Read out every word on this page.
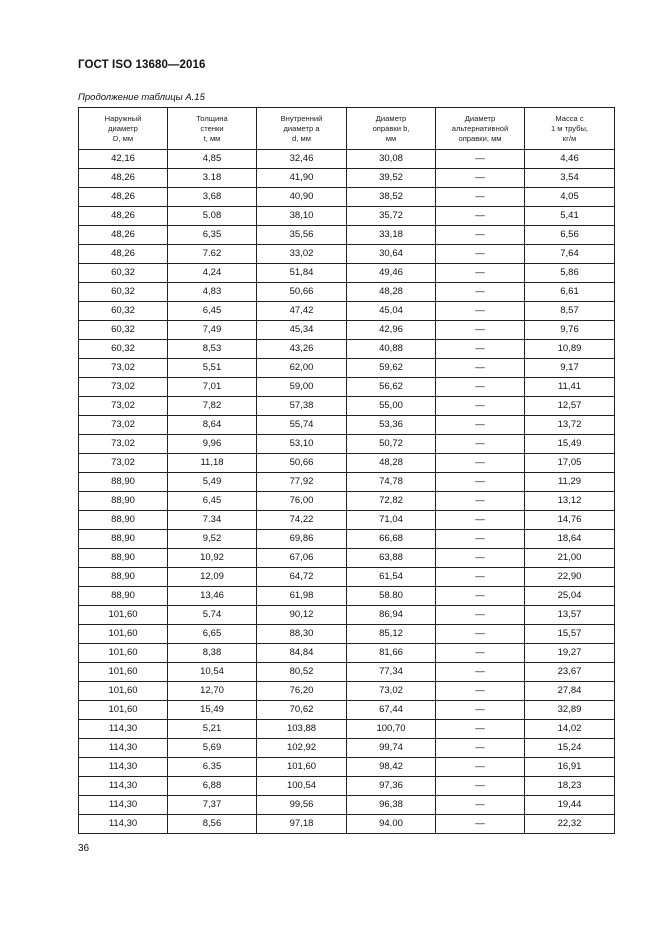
ГОСТ ISO 13680—2016
Продолжение таблицы A.15
Наружный
диаметр
D, мм	Толщина
стенки
t, мм	Внутренний
диаметр a
d, мм	Диаметр
оправки b,
мм	Диаметр
альтернативной
оправки, мм	Масса c
1 м трубы,
кг/м
42,16	4,85	32,46	30,08	—	4,46
48,26	3.18	41,90	39,52	—	3,54
48,26	3,68	40,90	38,52	—	4,05
48,26	5.08	38,10	35,72	—	5,41
48,26	6,35	35,56	33,18	—	6,56
48,26	7.62	33,02	30,64	—	7,64
60,32	4,24	51,84	49,46	—	5,86
60,32	4,83	50,66	48,28	—	6,61
60,32	6,45	47,42	45,04	—	8,57
60,32	7,49	45,34	42,96	—	9,76
60,32	8,53	43,26	40,88	—	10,89
73,02	5,51	62,00	59,62	—	9,17
73,02	7,01	59,00	56,62	—	11,41
73,02	7,82	57,38	55,00	—	12,57
73,02	8,64	55,74	53,36	—	13,72
73,02	9,96	53,10	50,72	—	15,49
73,02	11,18	50,66	48,28	—	17,05
88,90	5,49	77,92	74,78	—	11,29
88,90	6,45	76,00	72,82	—	13,12
88,90	7.34	74,22	71,04	—	14,76
88,90	9,52	69,86	66,68	—	18,64
88,90	10,92	67,06	63,88	—	21,00
88,90	12,09	64,72	61,54	—	22,90
88,90	13,46	61,98	58.80	—	25,04
101,60	5.74	90,12	86,94	—	13,57
101,60	6,65	88,30	85,12	—	15,57
101,60	8,38	84,84	81,66	—	19,27
101,60	10,54	80,52	77,34	—	23,67
101,60	12,70	76,20	73,02	—	27,84
101,60	15,49	70,62	67,44	—	32,89
114,30	5,21	103,88	100,70	—	14,02
114,30	5,69	102,92	99,74	—	15,24
114,30	6.35	101,60	98,42	—	16,91
114,30	6,88	100,54	97,36	—	18,23
114,30	7,37	99,56	96,38	—	19,44
114,30	8,56	97,18	94.00	—	22,32
36
